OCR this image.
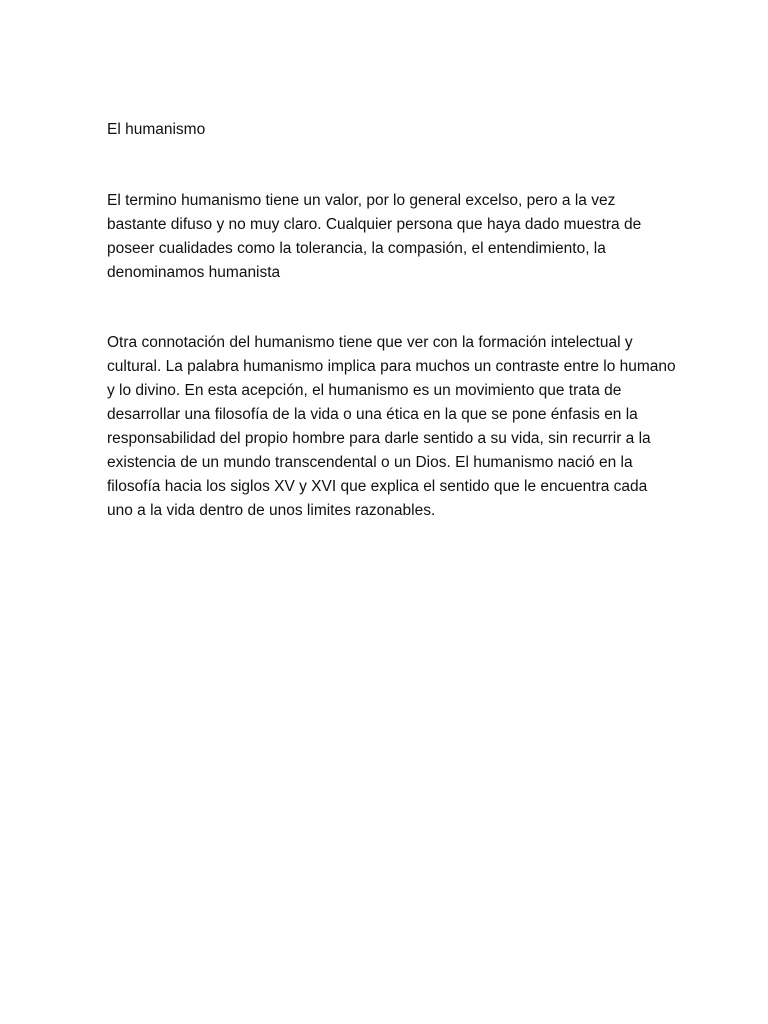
El humanismo

El termino humanismo tiene un valor, por lo general excelso, pero a la vez bastante difuso y no muy claro. Cualquier persona que haya dado muestra de poseer cualidades como la tolerancia, la compasión, el entendimiento, la denominamos humanista

Otra connotación del humanismo tiene que ver con la formación intelectual y cultural. La palabra humanismo implica para muchos un contraste entre lo humano y lo divino. En esta acepción, el humanismo es un movimiento que trata de desarrollar una filosofía de la vida o una ética en la que se pone énfasis en la responsabilidad del propio hombre para darle sentido a su vida, sin recurrir a la existencia de un mundo transcendental o un Dios. El humanismo nació en la filosofía hacia los siglos XV y XVI que explica el sentido que le encuentra cada uno a la vida dentro de unos limites razonables.
